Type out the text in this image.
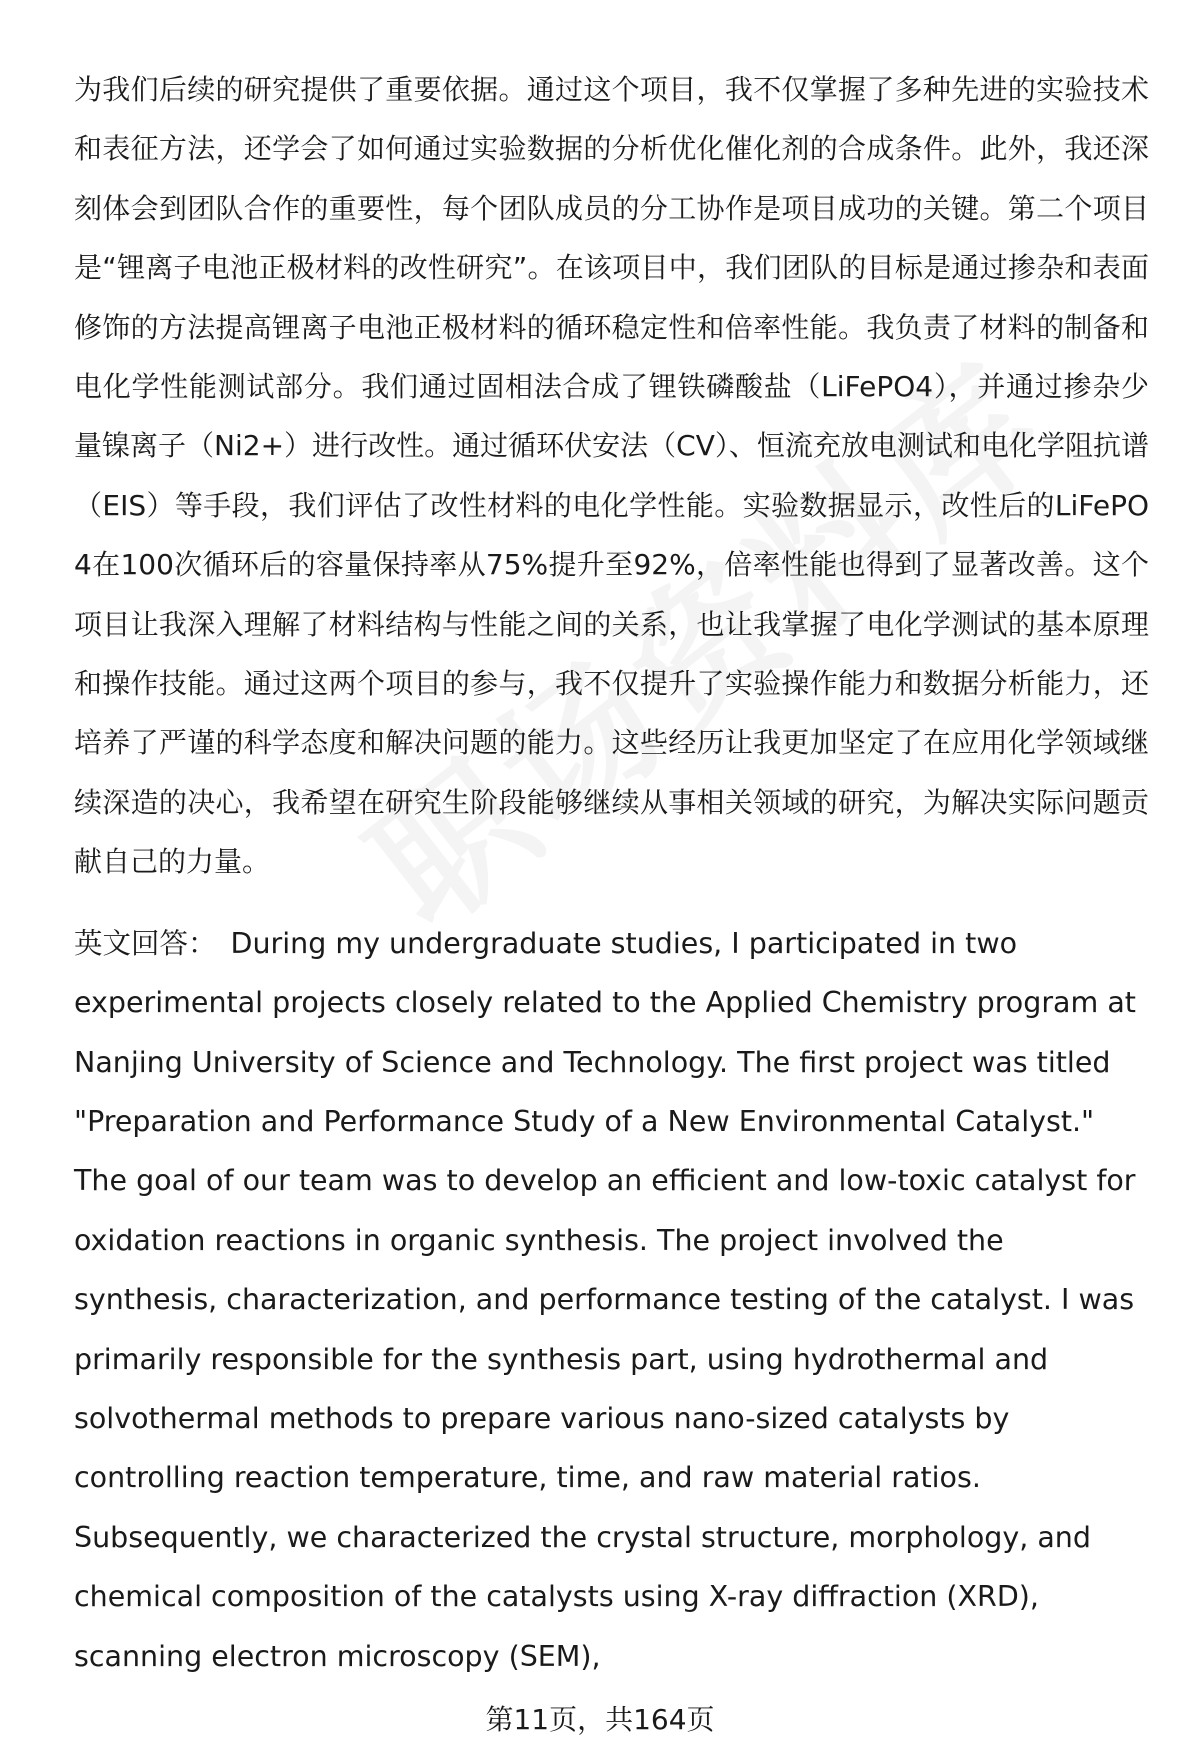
为我们后续的研究提供了重要依据。通过这个项目，我不仅掌握了多种先进的实验技术和表征方法，还学会了如何通过实验数据的分析优化催化剂的合成条件。此外，我还深刻体会到团队合作的重要性，每个团队成员的分工协作是项目成功的关键。第二个项目是“锂离子电池正极材料的改性研究”。在该项目中，我们团队的目标是通过掺杂和表面修饰的方法提高锂离子电池正极材料的循环稳定性和倍率性能。我负责了材料的制备和电化学性能测试部分。我们通过固相法合成了锂铁磷酸盐（LiFePO4），并通过掺杂少量镍离子（Ni2+）进行改性。通过循环伏安法（CV）、恒流充放电测试和电化学阻抗谱（EIS）等手段，我们评估了改性材料的电化学性能。实验数据显示，改性后的LiFePO4在100次循环后的容量保持率从75%提升至92%，倍率性能也得到了显著改善。这个项目让我深入理解了材料结构与性能之间的关系，也让我掌握了电化学测试的基本原理和操作技能。通过这两个项目的参与，我不仅提升了实验操作能力和数据分析能力，还培养了严谨的科学态度和解决问题的能力。这些经历让我更加坚定了在应用化学领域继续深造的决心，我希望在研究生阶段能够继续从事相关领域的研究，为解决实际问题贡献自己的力量。

英文回答： During my undergraduate studies, I participated in two experimental projects closely related to the Applied Chemistry program at Nanjing University of Science and Technology. The first project was titled "Preparation and Performance Study of a New Environmental Catalyst." The goal of our team was to develop an efficient and low-toxic catalyst for oxidation reactions in organic synthesis. The project involved the synthesis, characterization, and performance testing of the catalyst. I was primarily responsible for the synthesis part, using hydrothermal and solvothermal methods to prepare various nano-sized catalysts by controlling reaction temperature, time, and raw material ratios. Subsequently, we characterized the crystal structure, morphology, and chemical composition of the catalysts using X-ray diffraction (XRD), scanning electron microscopy (SEM),

第11页，共164页
